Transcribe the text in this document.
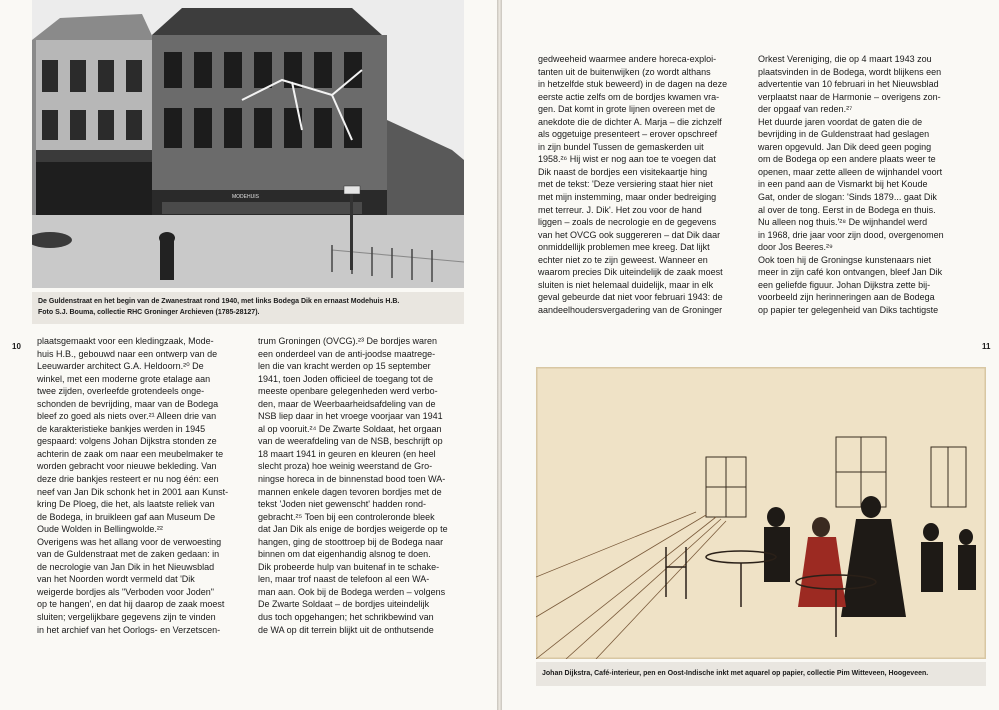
MODEHUIS
De Guldenstraat en het begin van de Zwanestraat rond 1940, met links Bodega Dik en ernaast Modehuis H.B.
Foto S.J. Bouma, collectie RHC Groninger Archieven (1785-28127).
10
plaatsgemaakt voor een kledingzaak, Mode-
huis H.B., gebouwd naar een ontwerp van de
Leeuwarder architect G.A. Heldoorn.²⁰ De
winkel, met een moderne grote etalage aan
twee zijden, overleefde grotendeels onge-
schonden de bevrijding, maar van de Bodega
bleef zo goed als niets over.²¹ Alleen drie van
de karakteristieke bankjes werden in 1945
gespaard: volgens Johan Dijkstra stonden ze
achterin de zaak om naar een meubelmaker te
worden gebracht voor nieuwe bekleding. Van
deze drie bankjes resteert er nu nog één: een
neef van Jan Dik schonk het in 2001 aan Kunst-
kring De Ploeg, die het, als laatste reliek van
de Bodega, in bruikleen gaf aan Museum De
Oude Wolden in Bellingwolde.²²
Overigens was het allang voor de verwoesting
van de Guldenstraat met de zaken gedaan: in
de necrologie van Jan Dik in het Nieuwsblad
van het Noorden wordt vermeld dat 'Dik
weigerde bordjes als "Verboden voor Joden"
op te hangen', en dat hij daarop de zaak moest
sluiten; vergelijkbare gegevens zijn te vinden
in het archief van het Oorlogs- en Verzetscen-
trum Groningen (OVCG).²³ De bordjes waren
een onderdeel van de anti-joodse maatrege-
len die van kracht werden op 15 september
1941, toen Joden officieel de toegang tot de
meeste openbare gelegenheden werd verbo-
den, maar de Weerbaarheidsafdeling van de
NSB liep daar in het vroege voorjaar van 1941
al op vooruit.²⁴ De Zwarte Soldaat, het orgaan
van de weerafdeling van de NSB, beschrijft op
18 maart 1941 in geuren en kleuren (en heel
slecht proza) hoe weinig weerstand de Gro-
ningse horeca in de binnenstad bood toen WA-
mannen enkele dagen tevoren bordjes met de
tekst 'Joden niet gewenscht' hadden rond-
gebracht.²⁵ Toen bij een controleronde bleek
dat Jan Dik als enige de bordjes weigerde op te
hangen, ging de stoottroep bij de Bodega naar
binnen om dat eigenhandig alsnog te doen.
Dik probeerde hulp van buitenaf in te schake-
len, maar trof naast de telefoon al een WA-
man aan. Ook bij de Bodega werden – volgens
De Zwarte Soldaat – de bordjes uiteindelijk
dus toch opgehangen; het schrikbewind van
de WA op dit terrein blijkt uit de onthutsende
gedweeheid waarmee andere horeca-exploi-
tanten uit de buitenwijken (zo wordt althans
in hetzelfde stuk beweerd) in de dagen na deze
eerste actie zelfs om de bordjes kwamen vra-
gen. Dat komt in grote lijnen overeen met de
anekdote die de dichter A. Marja – die zichzelf
als oggetuige presenteert – erover opschreef
in zijn bundel Tussen de gemaskerden uit
1958.²⁶ Hij wist er nog aan toe te voegen dat
Dik naast de bordjes een visitekaartje hing
met de tekst: 'Deze versiering staat hier niet
met mijn instemming, maar onder bedreiging
met terreur. J. Dik'. Het zou voor de hand
liggen – zoals de necrologie en de gegevens
van het OVCG ook suggereren – dat Dik daar
onmiddellijk problemen mee kreeg. Dat lijkt
echter niet zo te zijn geweest. Wanneer en
waarom precies Dik uiteindelijk de zaak moest
sluiten is niet helemaal duidelijk, maar in elk
geval gebeurde dat niet voor februari 1943: de
aandeelhoudersvergadering van de Groninger
Orkest Vereniging, die op 4 maart 1943 zou
plaatsvinden in de Bodega, wordt blijkens een
advertentie van 10 februari in het Nieuwsblad
verplaatst naar de Harmonie – overigens zon-
der opgaaf van reden.²⁷
Het duurde jaren voordat de gaten die de
bevrijding in de Guldenstraat had geslagen
waren opgevuld. Jan Dik deed geen poging
om de Bodega op een andere plaats weer te
openen, maar zette alleen de wijnhandel voort
in een pand aan de Vismarkt bij het Koude
Gat, onder de slogan: 'Sinds 1879... gaat Dik
al over de tong. Eerst in de Bodega en thuis.
Nu alleen nog thuis.'²⁸ De wijnhandel werd
in 1968, drie jaar voor zijn dood, overgenomen
door Jos Beeres.²⁹
Ook toen hij de Groningse kunstenaars niet
meer in zijn café kon ontvangen, bleef Jan Dik
een geliefde figuur. Johan Dijkstra zette bij-
voorbeeld zijn herinneringen aan de Bodega
op papier ter gelegenheid van Diks tachtigste
11
Johan Dijkstra, Café-interieur, pen en Oost-Indische inkt met aquarel op papier, collectie Pim Witteveen, Hoogeveen.
